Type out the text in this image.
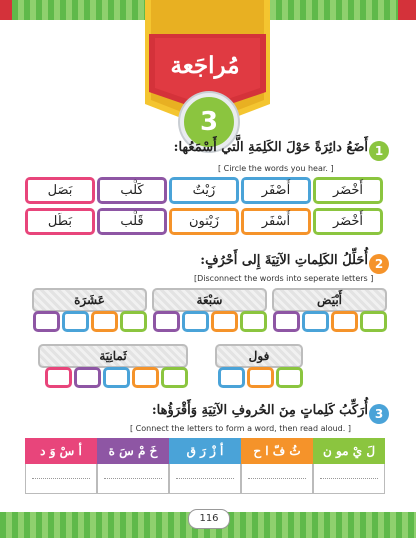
مُراجَعة
3
1
أَضَعُ دائِرَةً حَوْلَ الكَلِمَةِ الَّتي أَسْمَعُها:
[ Circle the words you hear. ]
أَخْضَر
أَصْفَر
زَيْتٌ
كَلْب
بَصَل
أَخْضَر
أَسْفَر
زَيْتون
قَلْب
بَطَل
2
أُحَلِّلُ الكَلِماتِ الآتِيَةَ إِلى أَحْرُفٍ:
[Disconnect the words into seperate letters ]
أَبْيَض
سَبْعَة
عَشَرَة
فول
ثَمانِيَة
3
أُرَكِّبُ كَلِماتٍ مِنَ الحُروفِ الآتِيَةِ وَأَقْرَؤُها:
[ Connect the letters to form a word, then read aloud. ]
لَ يْ مو ن
ثُ فّ ا ح
أ زْ رَ ق
خَ مْ سَ ة
أ سْ وَ د
116
